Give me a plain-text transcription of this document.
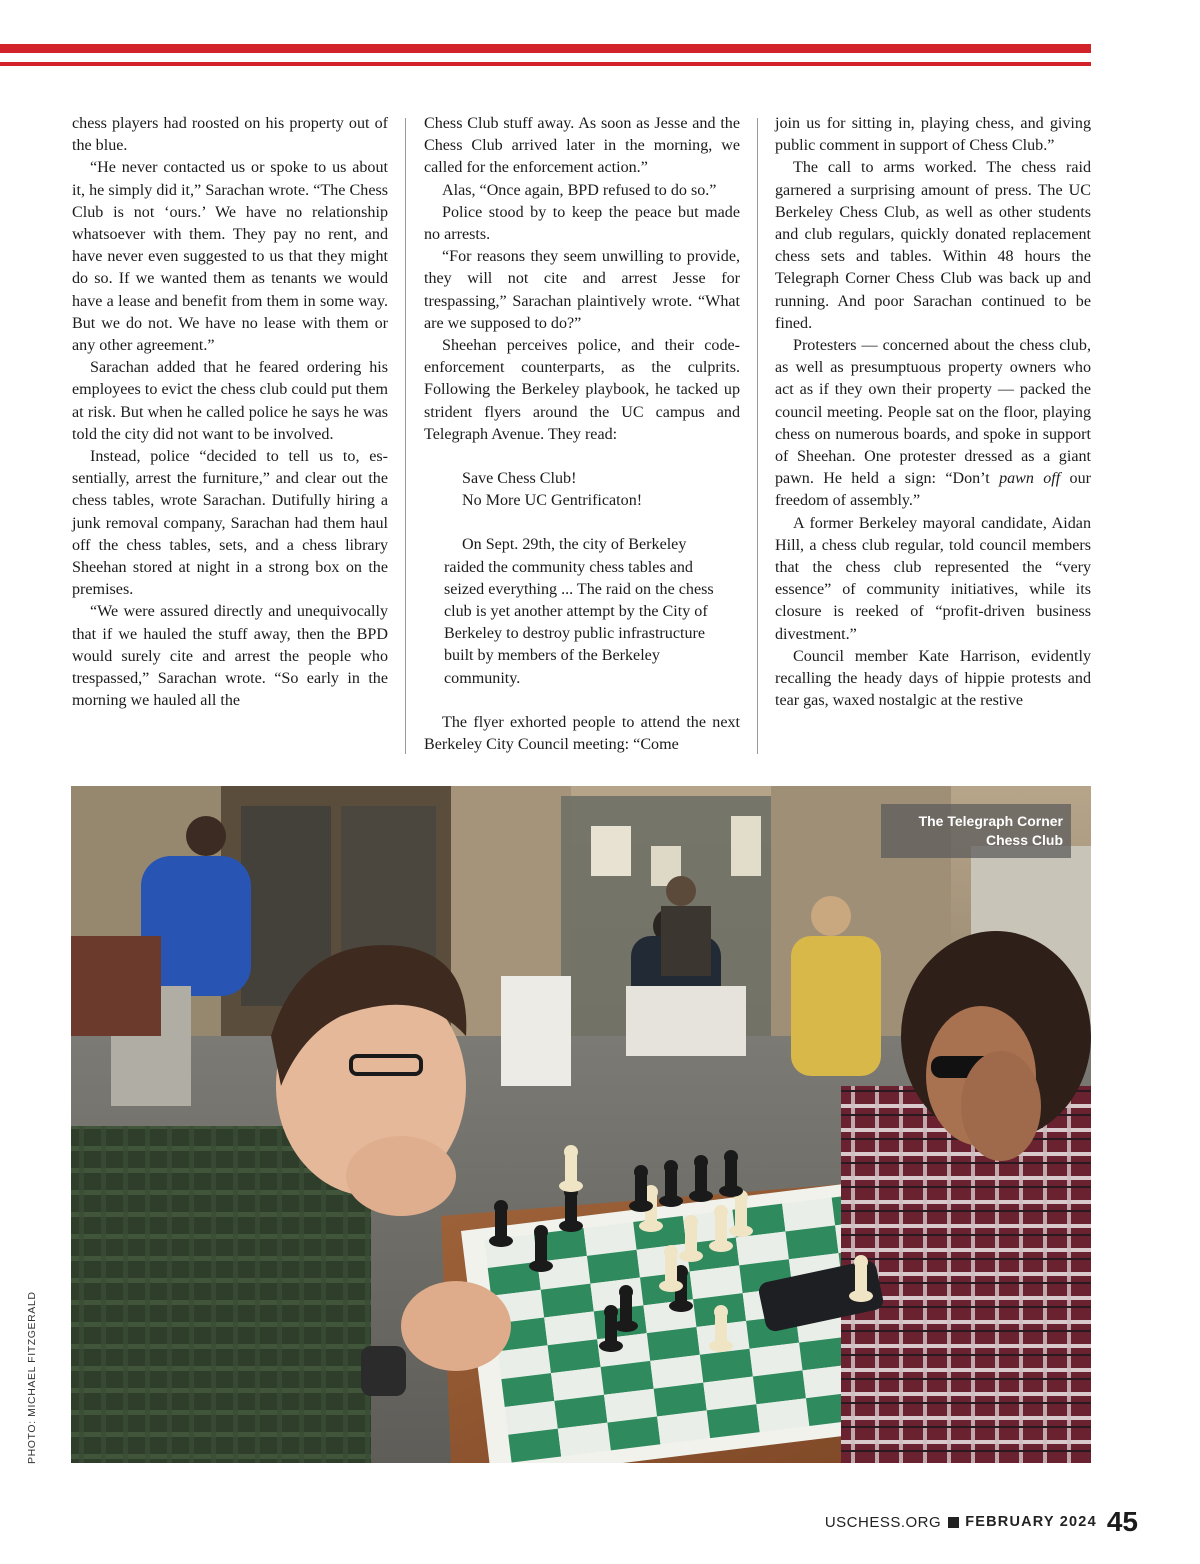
chess players had roosted on his property out of the blue.

“He never contacted us or spoke to us about it, he simply did it,” Sarachan wrote. “The Chess Club is not ‘ours.’ We have no relationship whatsoever with them. They pay no rent, and have never even suggested to us that they might do so. If we wanted them as tenants we would have a lease and benefit from them in some way. But we do not. We have no lease with them or any other agreement.”

Sarachan added that he feared ordering his employees to evict the chess club could put them at risk. But when he called police he says he was told the city did not want to be involved.

Instead, police “decided to tell us to, essentially, arrest the furniture,” and clear out the chess tables, wrote Sarachan. Dutifully hiring a junk removal company, Sarachan had them haul off the chess tables, sets, and a chess library Sheehan stored at night in a strong box on the premises.

“We were assured directly and unequivocally that if we hauled the stuff away, then the BPD would surely cite and arrest the people who trespassed,” Sarachan wrote. “So early in the morning we hauled all the

Chess Club stuff away. As soon as Jesse and the Chess Club arrived later in the morning, we called for the enforcement action.”

Alas, “Once again, BPD refused to do so.”

Police stood by to keep the peace but made no arrests.

“For reasons they seem unwilling to provide, they will not cite and arrest Jesse for trespassing,” Sarachan plaintively wrote. “What are we supposed to do?”

Sheehan perceives police, and their code-enforcement counterparts, as the culprits. Following the Berkeley playbook, he tacked up strident flyers around the UC campus and Telegraph Avenue. They read:

Save Chess Club!

No More UC Gentrificaton!

On Sept. 29th, the city of Berkeley raided the community chess tables and seized everything ... The raid on the chess club is yet another attempt by the City of Berkeley to destroy public infrastructure built by members of the Berkeley community.

The flyer exhorted people to attend the next Berkeley City Council meeting: “Come

join us for sitting in, playing chess, and giving public comment in support of Chess Club.”

The call to arms worked. The chess raid garnered a surprising amount of press. The UC Berkeley Chess Club, as well as other students and club regulars, quickly donated replacement chess sets and tables. Within 48 hours the Telegraph Corner Chess Club was back up and running. And poor Sarachan continued to be fined.

Protesters — concerned about the chess club, as well as presumptuous property owners who act as if they own their property — packed the council meeting. People sat on the floor, playing chess on numerous boards, and spoke in support of Sheehan. One protester dressed as a giant pawn. He held a sign: “Don’t pawn off our freedom of assembly.”

A former Berkeley mayoral candidate, Aidan Hill, a chess club regular, told council members that the chess club represented the “very essence” of community initiatives, while its closure is reeked of “profit-driven business divestment.”

Council member Kate Harrison, evidently recalling the heady days of hippie protests and tear gas, waxed nostalgic at the restive

The Telegraph Corner Chess Club
PHOTO: MICHAEL FITZGERALD
USCHESS.ORG FEBRUARY 2024 45
